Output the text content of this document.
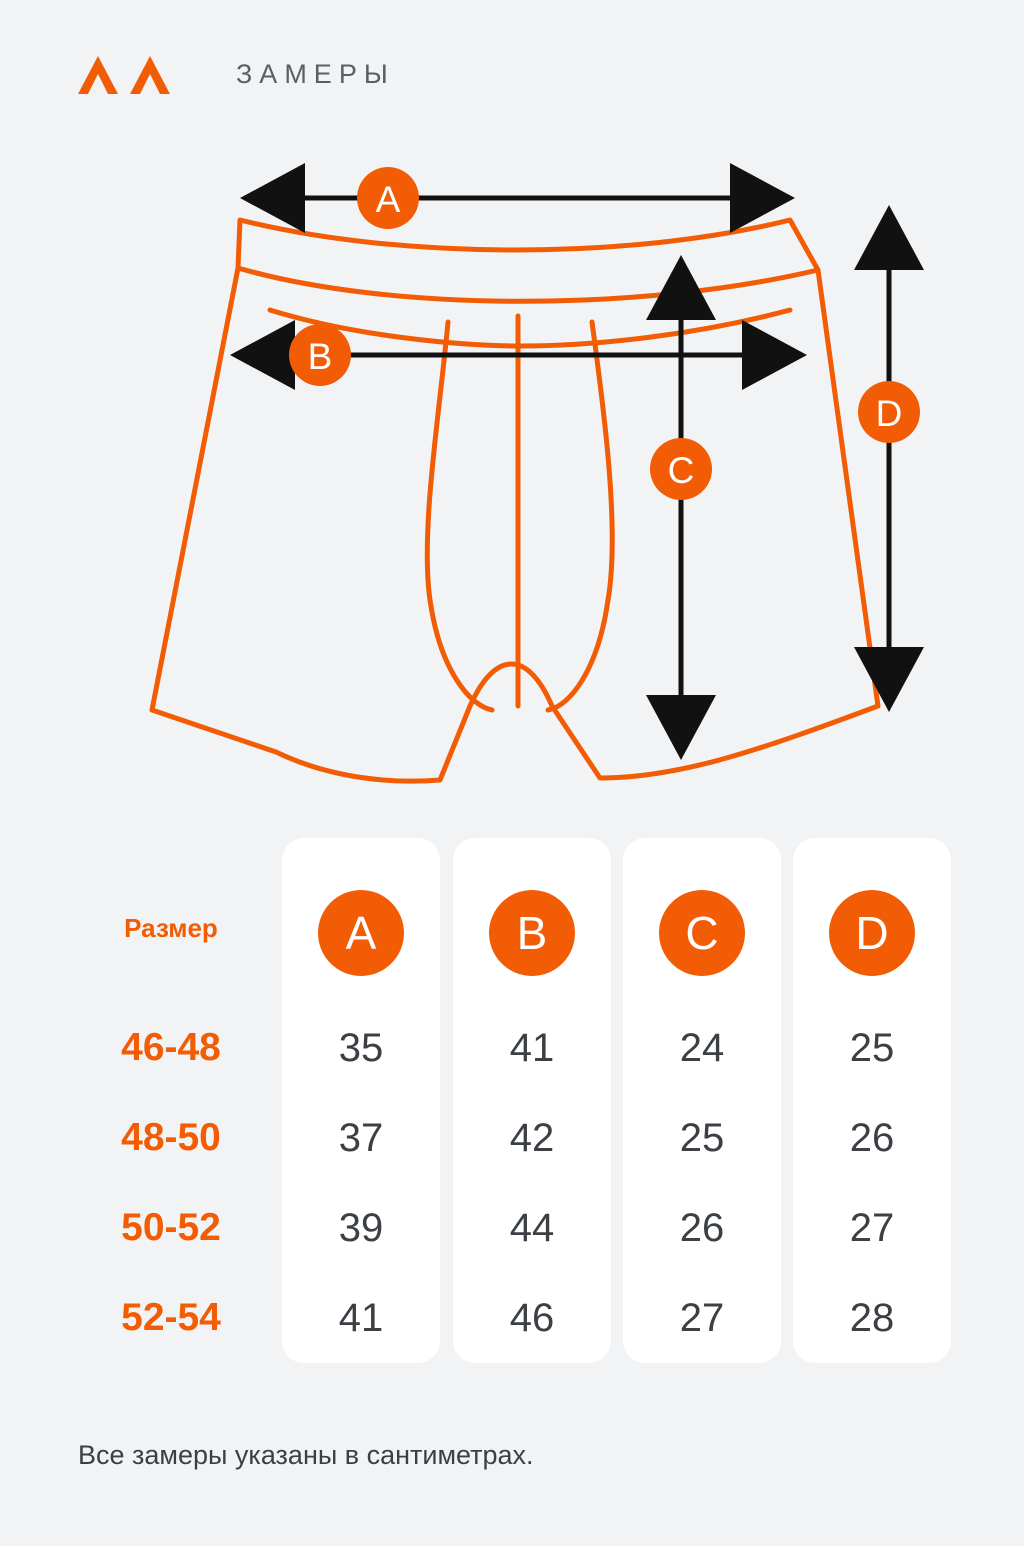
ЗАМЕРЫ
A
B
C
D
Размер	A	B	C	D
46-48	35	41	24	25
48-50	37	42	25	26
50-52	39	44	26	27
52-54	41	46	27	28
Все замеры указаны в сантиметрах.
